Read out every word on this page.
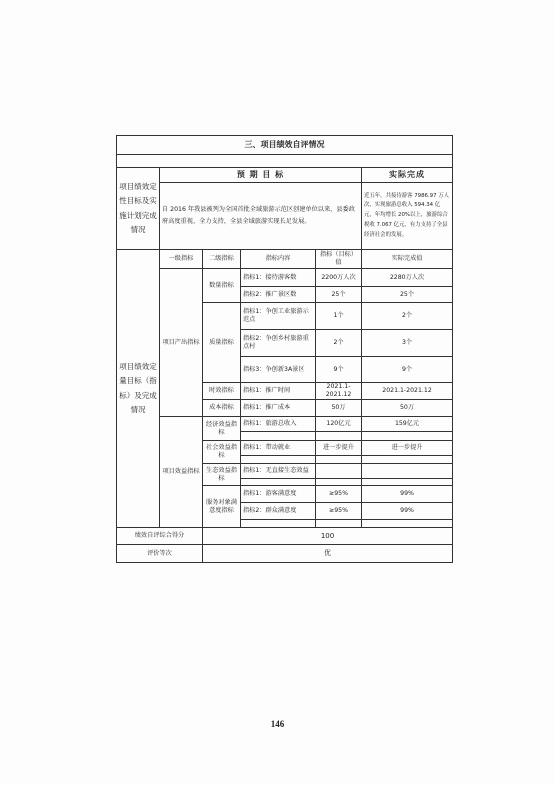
三、项目绩效自评情况					

项目绩效定性目标及实施计划完成情况	预 期 目 标				实际完成
	自 2016 年我县被列为全国首批全域旅游示范区创建单位以来，县委政府高度重视、全力支持，全县全域旅游实现长足发展。				近五年，共接待游客 7986.97 万人次，实现旅游总收入 594.34 亿元，年均增长 20%以上，旅游综合税收 7.067 亿元，有力支持了全县经济社会的发展。
项目绩效定量目标（指标）及完成情况	一级指标	二级指标	指标内容	指标（目标）值	实际完成值
	项目产出指标	数量指标	指标1：接待游客数	2200万人次	2280万人次
			指标2：推广景区数	25个	25个
		质量指标	指标1：争创工业旅游示范点	1个	2个
			指标2：争创乡村旅游重点村	2个	3个
			指标3：争创新3A景区	9个	9个
		时效指标	指标1：推广时间	2021.1-2021.12	2021.1-2021.12
		成本指标	指标1：推广成本	50万	50万
	项目效益指标	经济效益指标	指标1：旅游总收入	120亿元	159亿元

		社会效益指标	指标1：带动就业	进一步提升	进一步提升

		生态效益指标	指标1：无直接生态效益		

		服务对象满意度指标	指标1：游客满意度	≥95%	99%
			指标2：群众满意度	≥95%	99%

绩效自评综合得分		100			
评价等次		优			
146
